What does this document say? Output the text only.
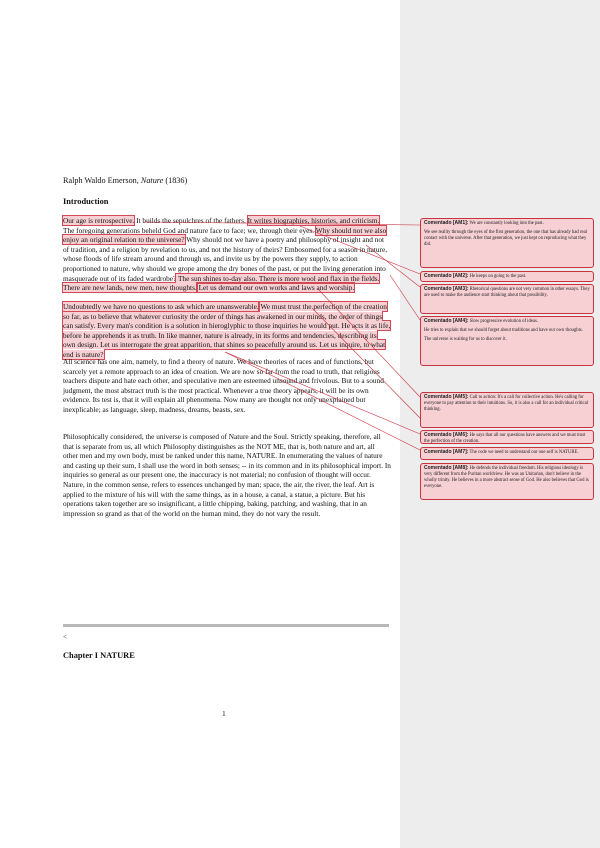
Ralph Waldo Emerson, Nature (1836)
Introduction

Our age is retrospective. It builds the sepulchres of the fathers. It writes biographies, histories, and criticism. The foregoing generations beheld God and nature face to face; we, through their eyes. Why should not we also enjoy an original relation to the universe? Why should not we have a poetry and philosophy of insight and not of tradition, and a religion by revelation to us, and not the history of theirs? Embosomed for a season in nature, whose floods of life stream around and through us, and invite us by the powers they supply, to action proportioned to nature, why should we grope among the dry bones of the past, or put the living generation into masquerade out of its faded wardrobe? The sun shines to-day also. There is more wool and flax in the fields. There are new lands, new men, new thoughts. Let us demand our own works and laws and worship.

Undoubtedly we have no questions to ask which are unanswerable. We must trust the perfection of the creation so far, as to believe that whatever curiosity the order of things has awakened in our minds, the order of things can satisfy. Every man's condition is a solution in hieroglyphic to those inquiries he would put. He acts it as life, before he apprehends it as truth. In like manner, nature is already, in its forms and tendencies, describing its own design. Let us interrogate the great apparition, that shines so peacefully around us. Let us inquire, to what end is nature?

All science has one aim, namely, to find a theory of nature. We have theories of races and of functions, but scarcely yet a remote approach to an idea of creation. We are now so far from the road to truth, that religious teachers dispute and hate each other, and speculative men are esteemed unsound and frivolous. But to a sound judgment, the most abstract truth is the most practical. Whenever a true theory appears, it will be its own evidence. Its test is, that it will explain all phenomena. Now many are thought not only unexplained but inexplicable; as language, sleep, madness, dreams, beasts, sex.

Philosophically considered, the universe is composed of Nature and the Soul. Strictly speaking, therefore, all that is separate from us, all which Philosophy distinguishes as the NOT ME, that is, both nature and art, all other men and my own body, must be ranked under this name, NATURE. In enumerating the values of nature and casting up their sum, I shall use the word in both senses; -- in its common and in its philosophical import. In inquiries so general as our present one, the inaccuracy is not material; no confusion of thought will occur. Nature, in the common sense, refers to essences unchanged by man; space, the air, the river, the leaf. Art is applied to the mixture of his will with the same things, as in a house, a canal, a statue, a picture. But his operations taken together are so insignificant, a little chipping, baking, patching, and washing, that in an impression so grand as that of the world on the human mind, they do not vary the result.

<
Chapter I NATURE
1
Comentado [AM1]: We are constantly looking into the past.
We see reality through the eyes of the first generation, the one that has already had real contact with the universe. After that generation, we just kept on reproducing what they did.
Comentado [AM2]: He keeps on going to the past.
Comentado [AM3]: Rhetorical questions are not very common in other essays. They are used to make the audience start thinking about that possibility.
Comentado [AM4]: Slow progressive evolution of ideas.
He tries to explain that we should forget about traditions and have our own thoughts.
The universe is waiting for us to discover it.
Comentado [AM5]: Call to action: It's a call for collective action. He's calling for everyone to pay attention to their intuitions. So, it is also a call for an individual critical thinking.
Comentado [AM6]: He says that all our questions have answers and we must trust the perfection of the creation.
Comentado [AM7]: The code we need to understand our one self is NATURE.
Comentado [AM8]: He defends the individual freedom. His religious ideology is very different from the Puritan worldview. He was an Unitarian, don't believe in the wholly trinity. He believes in a more abstract sense of God. He also believes that God is everyone.
